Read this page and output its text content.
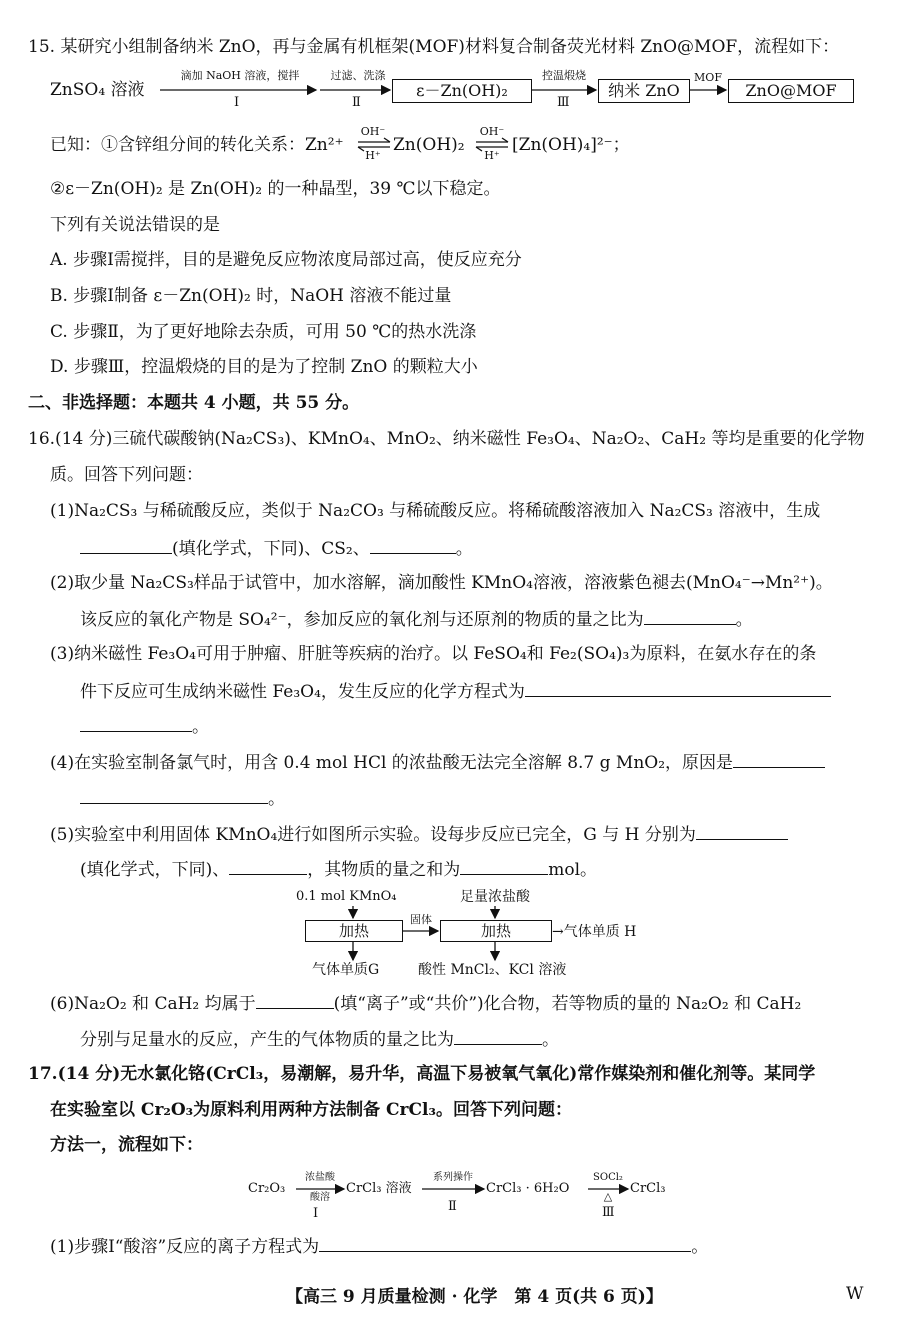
15. 某研究小组制备纳米 ZnO，再与金属有机框架(MOF)材料复合制备荧光材料 ZnO@MOF，流程如下：
ZnSO₄ 溶液
滴加 NaOH 溶液，搅拌
Ⅰ
过滤、洗涤
Ⅱ
ε－Zn(OH)₂
控温煅烧
Ⅲ
纳米 ZnO
MOF
ZnO@MOF
已知：①含锌组分间的转化关系：Zn²⁺
OH⁻
H⁺
Zn(OH)₂
OH⁻
H⁺
[Zn(OH)₄]²⁻；
②ε－Zn(OH)₂ 是 Zn(OH)₂ 的一种晶型，39 ℃以下稳定。
下列有关说法错误的是
A. 步骤Ⅰ需搅拌，目的是避免反应物浓度局部过高，使反应充分
B. 步骤Ⅰ制备 ε－Zn(OH)₂ 时，NaOH 溶液不能过量
C. 步骤Ⅱ，为了更好地除去杂质，可用 50 ℃的热水洗涤
D. 步骤Ⅲ，控温煅烧的目的是为了控制 ZnO 的颗粒大小
二、非选择题：本题共 4 小题，共 55 分。
16.(14 分)三硫代碳酸钠(Na₂CS₃)、KMnO₄、MnO₂、纳米磁性 Fe₃O₄、Na₂O₂、CaH₂ 等均是重要的化学物
质。回答下列问题：
(1)Na₂CS₃ 与稀硫酸反应，类似于 Na₂CO₃ 与稀硫酸反应。将稀硫酸溶液加入 Na₂CS₃ 溶液中，生成
(填化学式，下同)、CS₂、	。
(2)取少量 Na₂CS₃样品于试管中，加水溶解，滴加酸性 KMnO₄溶液，溶液紫色褪去(MnO₄⁻→Mn²⁺)。
该反应的氧化产物是 SO₄²⁻，参加反应的氧化剂与还原剂的物质的量之比为	。
(3)纳米磁性 Fe₃O₄可用于肿瘤、肝脏等疾病的治疗。以 FeSO₄和 Fe₂(SO₄)₃为原料，在氨水存在的条
件下反应可生成纳米磁性 Fe₃O₄，发生反应的化学方程式为
。
(4)在实验室制备氯气时，用含 0.4 mol HCl 的浓盐酸无法完全溶解 8.7 g MnO₂，原因是
。
(5)实验室中利用固体 KMnO₄进行如图所示实验。设每步反应已完全，G 与 H 分别为
(填化学式，下同)、	，其物质的量之和为	mol。
0.1 mol KMnO₄	足量浓盐酸
加热
固体
加热	→气体单质 H
气体单质G	酸性 MnCl₂、KCl 溶液
(6)Na₂O₂ 和 CaH₂ 均属于	(填“离子”或“共价”)化合物，若等物质的量的 Na₂O₂ 和 CaH₂
分别与足量水的反应，产生的气体物质的量之比为	。
17.(14 分)无水氯化铬(CrCl₃，易潮解，易升华，高温下易被氧气氧化)常作媒染剂和催化剂等。某同学
在实验室以 Cr₂O₃为原料利用两种方法制备 CrCl₃。回答下列问题：
方法一，流程如下：
Cr₂O₃
浓盐酸
酸溶
Ⅰ
CrCl₃ 溶液
系列操作
Ⅱ
CrCl₃ · 6H₂O
SOCl₂
△
Ⅲ
CrCl₃
(1)步骤Ⅰ“酸溶”反应的离子方程式为	。
【高三 9 月质量检测 · 化学　第 4 页(共 6 页)】	W
